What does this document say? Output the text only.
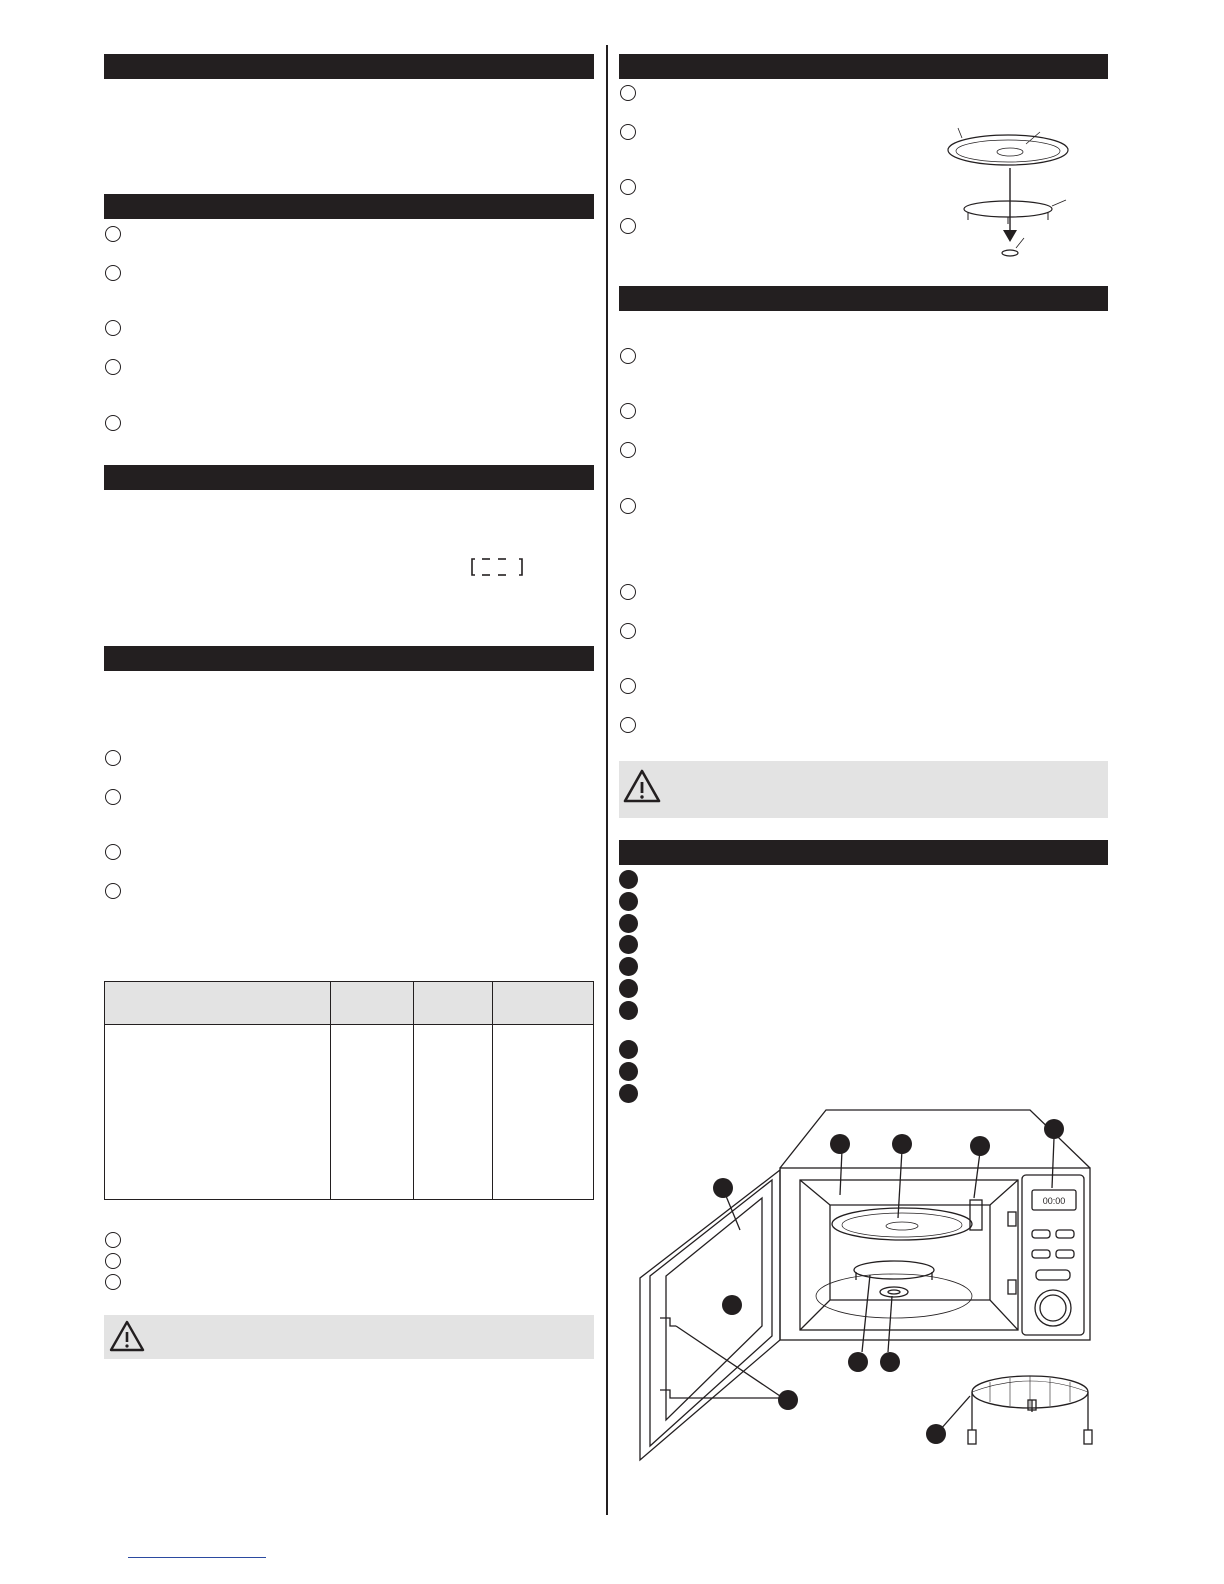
00:00
